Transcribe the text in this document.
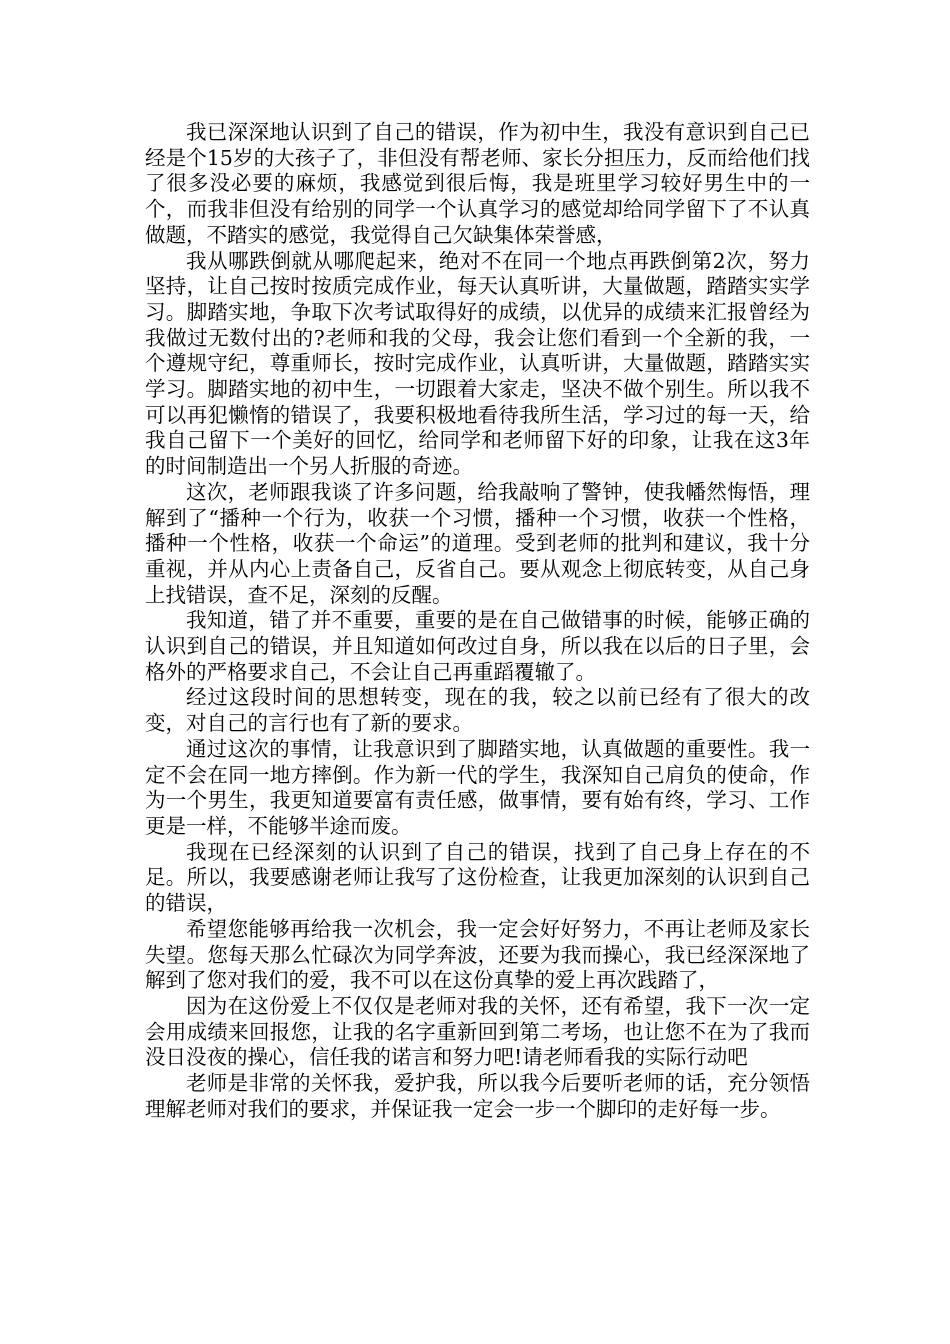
我已深深地认识到了自己的错误，作为初中生，我没有意识到自己已经是个15岁的大孩子了，非但没有帮老师、家长分担压力，反而给他们找了很多没必要的麻烦，我感觉到很后悔，我是班里学习较好男生中的一个，而我非但没有给别的同学一个认真学习的感觉却给同学留下了不认真做题，不踏实的感觉，我觉得自己欠缺集体荣誉感，

我从哪跌倒就从哪爬起来，绝对不在同一个地点再跌倒第2次，努力坚持，让自己按时按质完成作业，每天认真听讲，大量做题，踏踏实实学习。脚踏实地，争取下次考试取得好的成绩，以优异的成绩来汇报曾经为我做过无数付出的?老师和我的父母，我会让您们看到一个全新的我，一个遵规守纪，尊重师长，按时完成作业，认真听讲，大量做题，踏踏实实学习。脚踏实地的初中生，一切跟着大家走，坚决不做个别生。所以我不可以再犯懒惰的错误了，我要积极地看待我所生活，学习过的每一天，给我自己留下一个美好的回忆，给同学和老师留下好的印象，让我在这3年的时间制造出一个另人折服的奇迹。

这次，老师跟我谈了许多问题，给我敲响了警钟，使我幡然悔悟，理解到了“播种一个行为，收获一个习惯，播种一个习惯，收获一个性格，播种一个性格，收获一个命运”的道理。受到老师的批判和建议，我十分重视，并从内心上责备自己，反省自己。要从观念上彻底转变，从自己身上找错误，查不足，深刻的反醒。

我知道，错了并不重要，重要的是在自己做错事的时候，能够正确的认识到自己的错误，并且知道如何改过自身，所以我在以后的日子里，会格外的严格要求自己，不会让自己再重蹈覆辙了。

经过这段时间的思想转变，现在的我，较之以前已经有了很大的改变，对自己的言行也有了新的要求。

通过这次的事情，让我意识到了脚踏实地，认真做题的重要性。我一定不会在同一地方摔倒。作为新一代的学生，我深知自己肩负的使命，作为一个男生，我更知道要富有责任感，做事情，要有始有终，学习、工作更是一样，不能够半途而废。

我现在已经深刻的认识到了自己的错误，找到了自己身上存在的不足。所以，我要感谢老师让我写了这份检查，让我更加深刻的认识到自己的错误，

希望您能够再给我一次机会，我一定会好好努力，不再让老师及家长失望。您每天那么忙碌次为同学奔波，还要为我而操心，我已经深深地了解到了您对我们的爱，我不可以在这份真挚的爱上再次践踏了，

因为在这份爱上不仅仅是老师对我的关怀，还有希望，我下一次一定会用成绩来回报您，让我的名字重新回到第二考场，也让您不在为了我而没日没夜的操心，信任我的诺言和努力吧!请老师看我的实际行动吧

老师是非常的关怀我，爱护我，所以我今后要听老师的话，充分领悟理解老师对我们的要求，并保证我一定会一步一个脚印的走好每一步。
